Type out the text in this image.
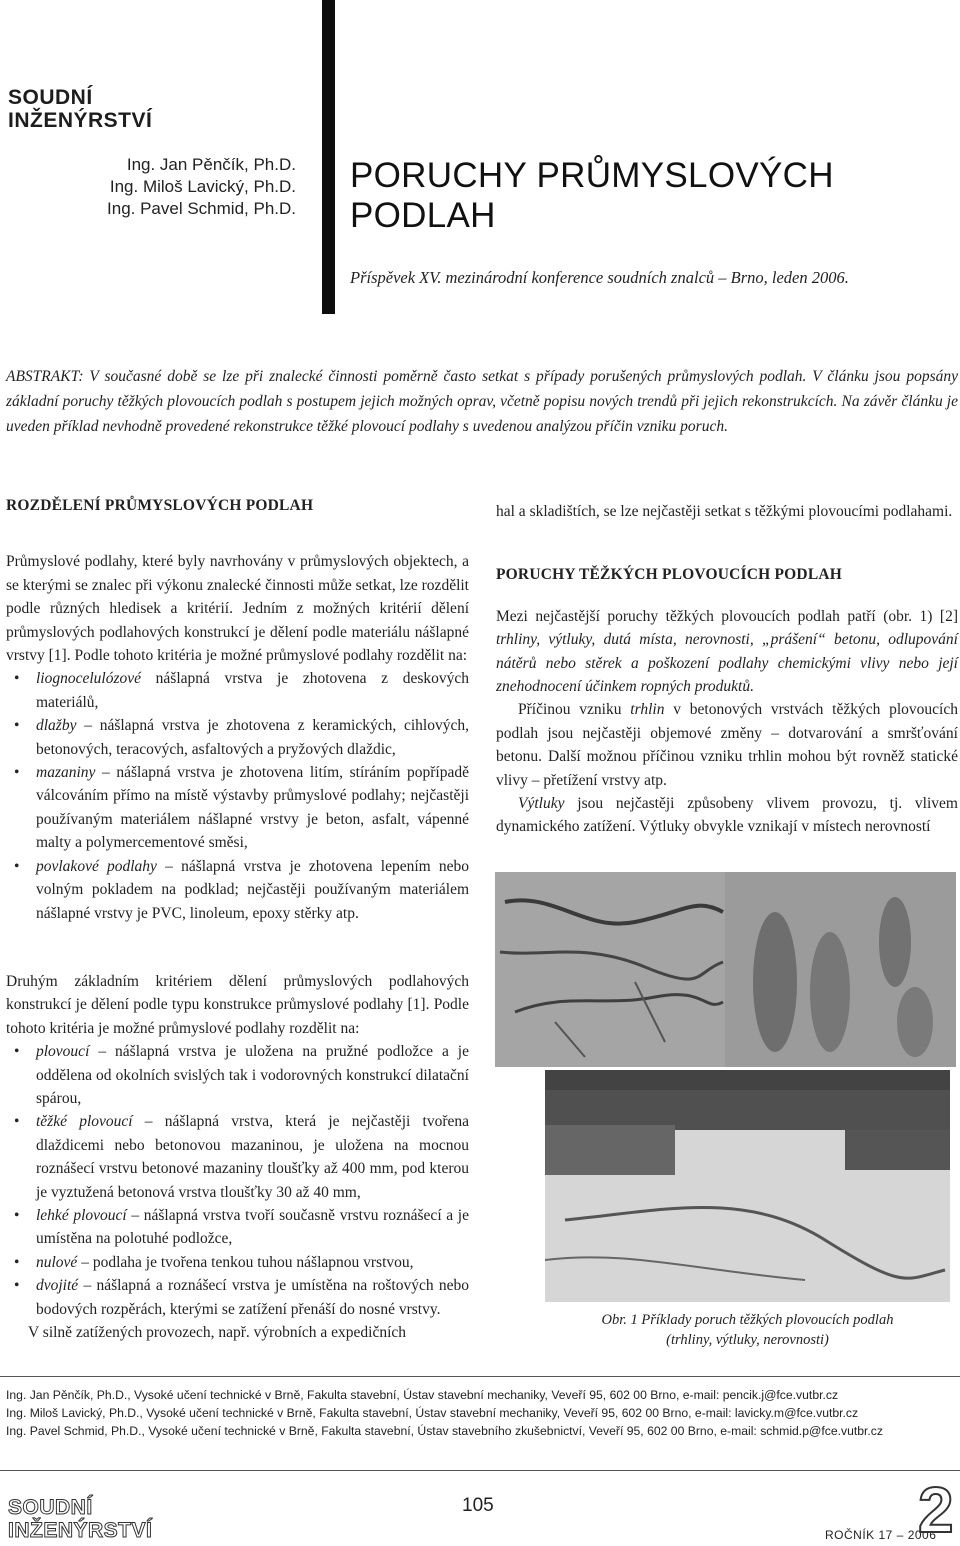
SOUDNÍ
INŽENÝRSTVÍ
Ing. Jan Pěnčík, Ph.D.
Ing. Miloš Lavický, Ph.D.
Ing. Pavel Schmid, Ph.D.
PORUCHY PRŮMYSLOVÝCH PODLAH
Příspěvek XV. mezinárodní konference soudních znalců – Brno, leden 2006.
ABSTRAKT: V současné době se lze při znalecké činnosti poměrně často setkat s případy porušených průmyslových podlah. V článku jsou popsány základní poruchy těžkých plovoucích podlah s postupem jejich možných oprav, včetně popisu nových trendů při jejich rekonstrukcích. Na závěr článku je uveden příklad nevhodně provedené rekonstrukce těžké plovoucí podlahy s uvedenou analýzou příčin vzniku poruch.
ROZDĚLENÍ PRŮMYSLOVÝCH PODLAH

Průmyslové podlahy, které byly navrhovány v průmyslových objektech, a se kterými se znalec při výkonu znalecké činnosti může setkat, lze rozdělit podle různých hledisek a kritérií. Jedním z možných kritérií dělení průmyslových podlahových konstrukcí je dělení podle materiálu nášlapné vrstvy [1]. Podle tohoto kritéria je možné průmyslové podlahy rozdělit na:

• liognocelulózové nášlapná vrstva je zhotovena z deskových materiálů,
• dlažby – nášlapná vrstva je zhotovena z keramických, cihlových, betonových, teracových, asfaltových a pryžových dlaždic,
• mazaniny – nášlapná vrstva je zhotovena litím, stíráním popřípadě válcováním přímo na místě výstavby průmyslové podlahy; nejčastěji používaným materiálem nášlapné vrstvy je beton, asfalt, vápenné malty a polymercementové směsi,
• povlakové podlahy – nášlapná vrstva je zhotovena lepením nebo volným pokladem na podklad; nejčastěji používaným materiálem nášlapné vrstvy je PVC, linoleum, epoxy stěrky atp.

Druhým základním kritériem dělení průmyslových podlahových konstrukcí je dělení podle typu konstrukce průmyslové podlahy [1]. Podle tohoto kritéria je možné průmyslové podlahy rozdělit na:

• plovoucí – nášlapná vrstva je uložena na pružné podložce a je oddělena od okolních svislých tak i vodorovných konstrukcí dilatační spárou,
• těžké plovoucí – nášlapná vrstva, která je nejčastěji tvořena dlaždicemi nebo betonovou mazaninou, je uložena na mocnou roznášecí vrstvu betonové mazaniny tloušťky až 400 mm, pod kterou je vyztužená betonová vrstva tloušťky 30 až 40 mm,
• lehké plovoucí – nášlapná vrstva tvoří současně vrstvu roznášecí a je umístěna na polotuhé podložce,
• nulové – podlaha je tvořena tenkou tuhou nášlapnou vrstvou,
• dvojité – nášlapná a roznášecí vrstva je umístěna na roštových nebo bodových rozpěrách, kterými se zatížení přenáší do nosné vrstvy.

V silně zatížených provozech, např. výrobních a expedičních

hal a skladištích, se lze nejčastěji setkat s těžkými plovoucími podlahami.

PORUCHY TĚŽKÝCH PLOVOUCÍCH PODLAH

Mezi nejčastější poruchy těžkých plovoucích podlah patří (obr. 1) [2] trhliny, výtluky, dutá místa, nerovnosti, „prášení“ betonu, odlupování nátěrů nebo stěrek a poškození podlahy chemickými vlivy nebo její znehodnocení účinkem ropných produktů.

Příčinou vzniku trhlin v betonových vrstvách těžkých plovoucích podlah jsou nejčastěji objemové změny – dotvarování a smršťování betonu. Další možnou příčinou vzniku trhlin mohou být rovněž statické vlivy – přetížení vrstvy atp.

Výtluky jsou nejčastěji způsobeny vlivem provozu, tj. vlivem dynamického zatížení. Výtluky obvykle vznikají v místech nerovností

Obr. 1 Příklady poruch těžkých plovoucích podlah
(trhliny, výtluky, nerovnosti)
Ing. Jan Pěnčík, Ph.D., Vysoké učení technické v Brně, Fakulta stavební, Ústav stavební mechaniky, Veveří 95, 602 00 Brno, e-mail: pencik.j@fce.vutbr.cz
Ing. Miloš Lavický, Ph.D., Vysoké učení technické v Brně, Fakulta stavební, Ústav stavební mechaniky, Veveří 95, 602 00 Brno, e-mail: lavicky.m@fce.vutbr.cz
Ing. Pavel Schmid, Ph.D., Vysoké učení technické v Brně, Fakulta stavební, Ústav stavebního zkušebnictví, Veveří 95, 602 00 Brno, e-mail: schmid.p@fce.vutbr.cz
SOUDNÍ
INŽENÝRSTVÍ
105
ROČNÍK 17 – 2006
2
